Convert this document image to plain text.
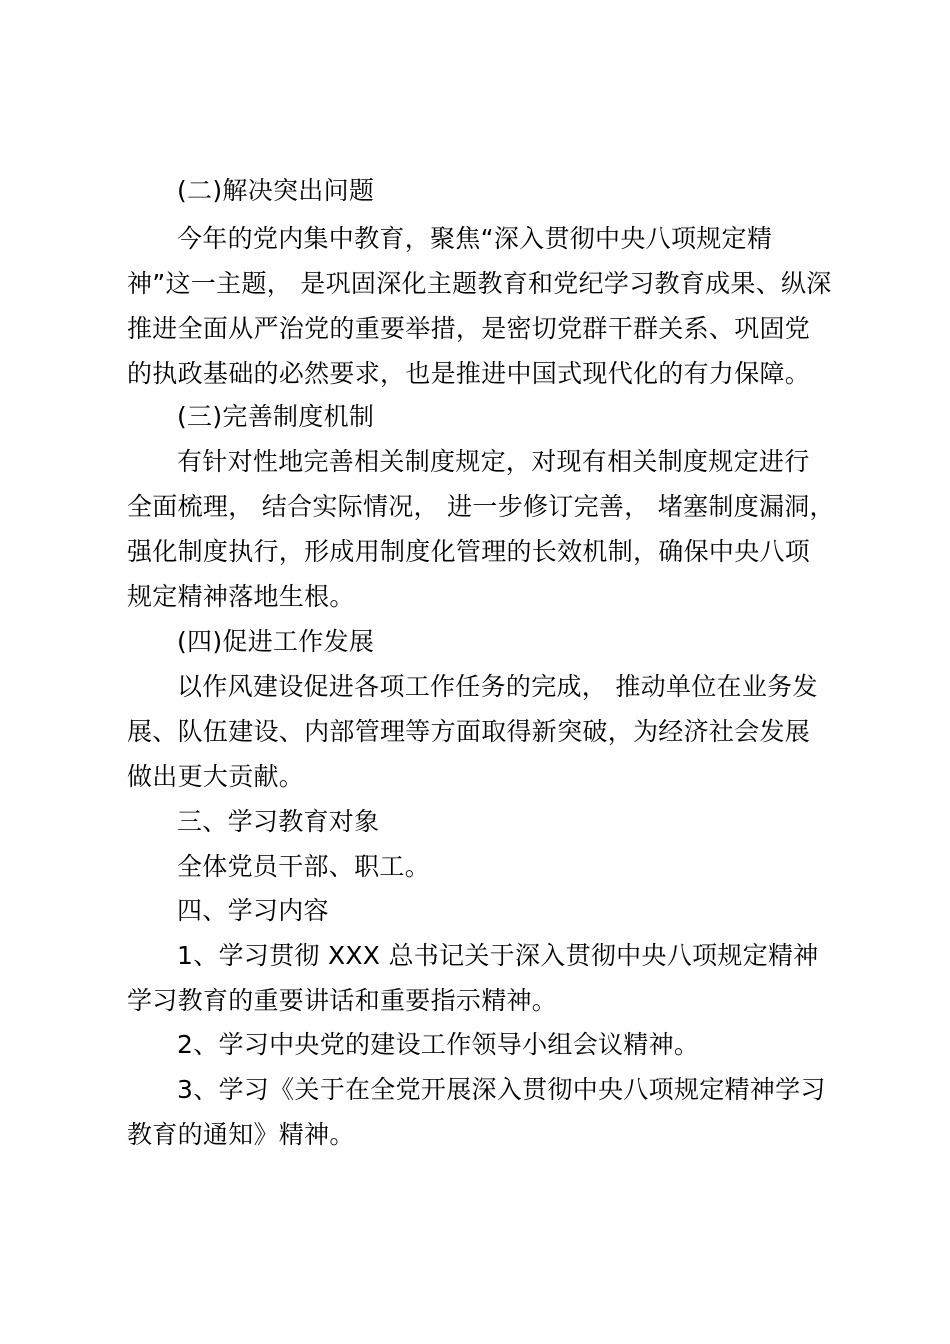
(二)解决突出问题
今年的党内集中教育，聚焦“深入贯彻中央八项规定精
神”这一主题， 是巩固深化主题教育和党纪学习教育成果、纵深
推进全面从严治党的重要举措，是密切党群干群关系、巩固党
的执政基础的必然要求，也是推进中国式现代化的有力保障。
(三)完善制度机制
有针对性地完善相关制度规定，对现有相关制度规定进行
全面梳理， 结合实际情况， 进一步修订完善， 堵塞制度漏洞，
强化制度执行，形成用制度化管理的长效机制，确保中央八项
规定精神落地生根。
(四)促进工作发展
以作风建设促进各项工作任务的完成， 推动单位在业务发
展、队伍建设、内部管理等方面取得新突破，为经济社会发展
做出更大贡献。
三、学习教育对象
全体党员干部、职工。
四、学习内容
1、学习贯彻 XXX 总书记关于深入贯彻中央八项规定精神
学习教育的重要讲话和重要指示精神。
2、学习中央党的建设工作领导小组会议精神。
3、学习《关于在全党开展深入贯彻中央八项规定精神学习
教育的通知》精神。
